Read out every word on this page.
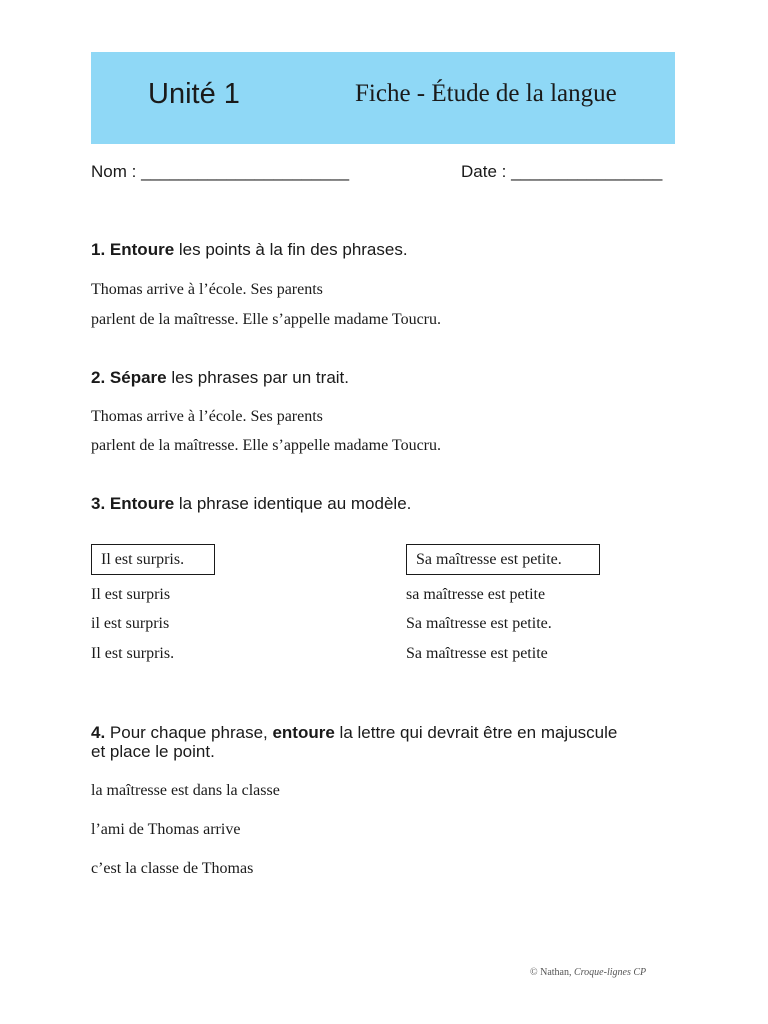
Unité 1	Fiche - Étude de la langue
Nom : ______________________	Date : ________________
1. Entoure les points à la fin des phrases.
Thomas arrive à l’école. Ses parents
parlent de la maîtresse. Elle s’appelle madame Toucru.
2. Sépare les phrases par un trait.
Thomas arrive à l’école. Ses parents
parlent de la maîtresse. Elle s’appelle madame Toucru.
3. Entoure la phrase identique au modèle.
Il est surpris.	Sa maîtresse est petite.
Il est surpris
il est surpris
Il est surpris.
sa maîtresse est petite
Sa maîtresse est petite.
Sa maîtresse est petite
4. Pour chaque phrase, entoure la lettre qui devrait être en majuscule
et place le point.
la maîtresse est dans la classe
l’ami de Thomas arrive
c’est la classe de Thomas
© Nathan, Croque-lignes CP
